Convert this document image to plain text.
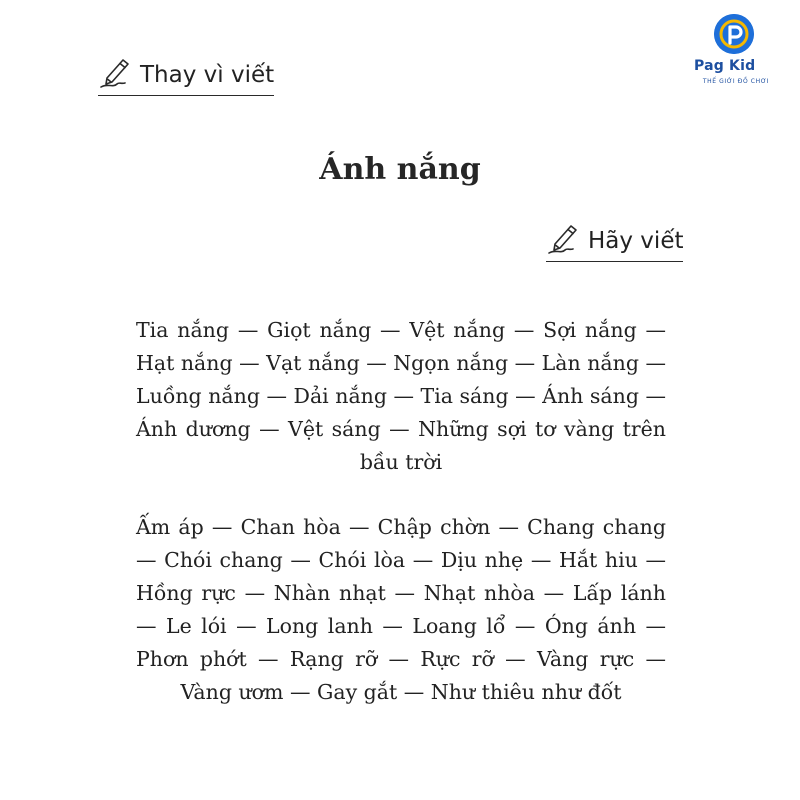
Pag Kid
THẾ GIỚI ĐỒ CHƠI
Thay vì viết
Ánh nắng
Hãy viết
Tia nắng — Giọt nắng — Vệt nắng — Sợi nắng — Hạt nắng — Vạt nắng — Ngọn nắng — Làn nắng — Luồng nắng — Dải nắng — Tia sáng — Ánh sáng — Ánh dương — Vệt sáng — Những sợi tơ vàng trên bầu trời
Ấm áp — Chan hòa — Chập chờn — Chang chang — Chói chang — Chói lòa — Dịu nhẹ — Hắt hiu — Hồng rực — Nhàn nhạt — Nhạt nhòa — Lấp lánh — Le lói — Long lanh — Loang lổ — Óng ánh — Phơn phớt — Rạng rỡ — Rực rỡ — Vàng rực — Vàng ươm — Gay gắt — Như thiêu như đốt
